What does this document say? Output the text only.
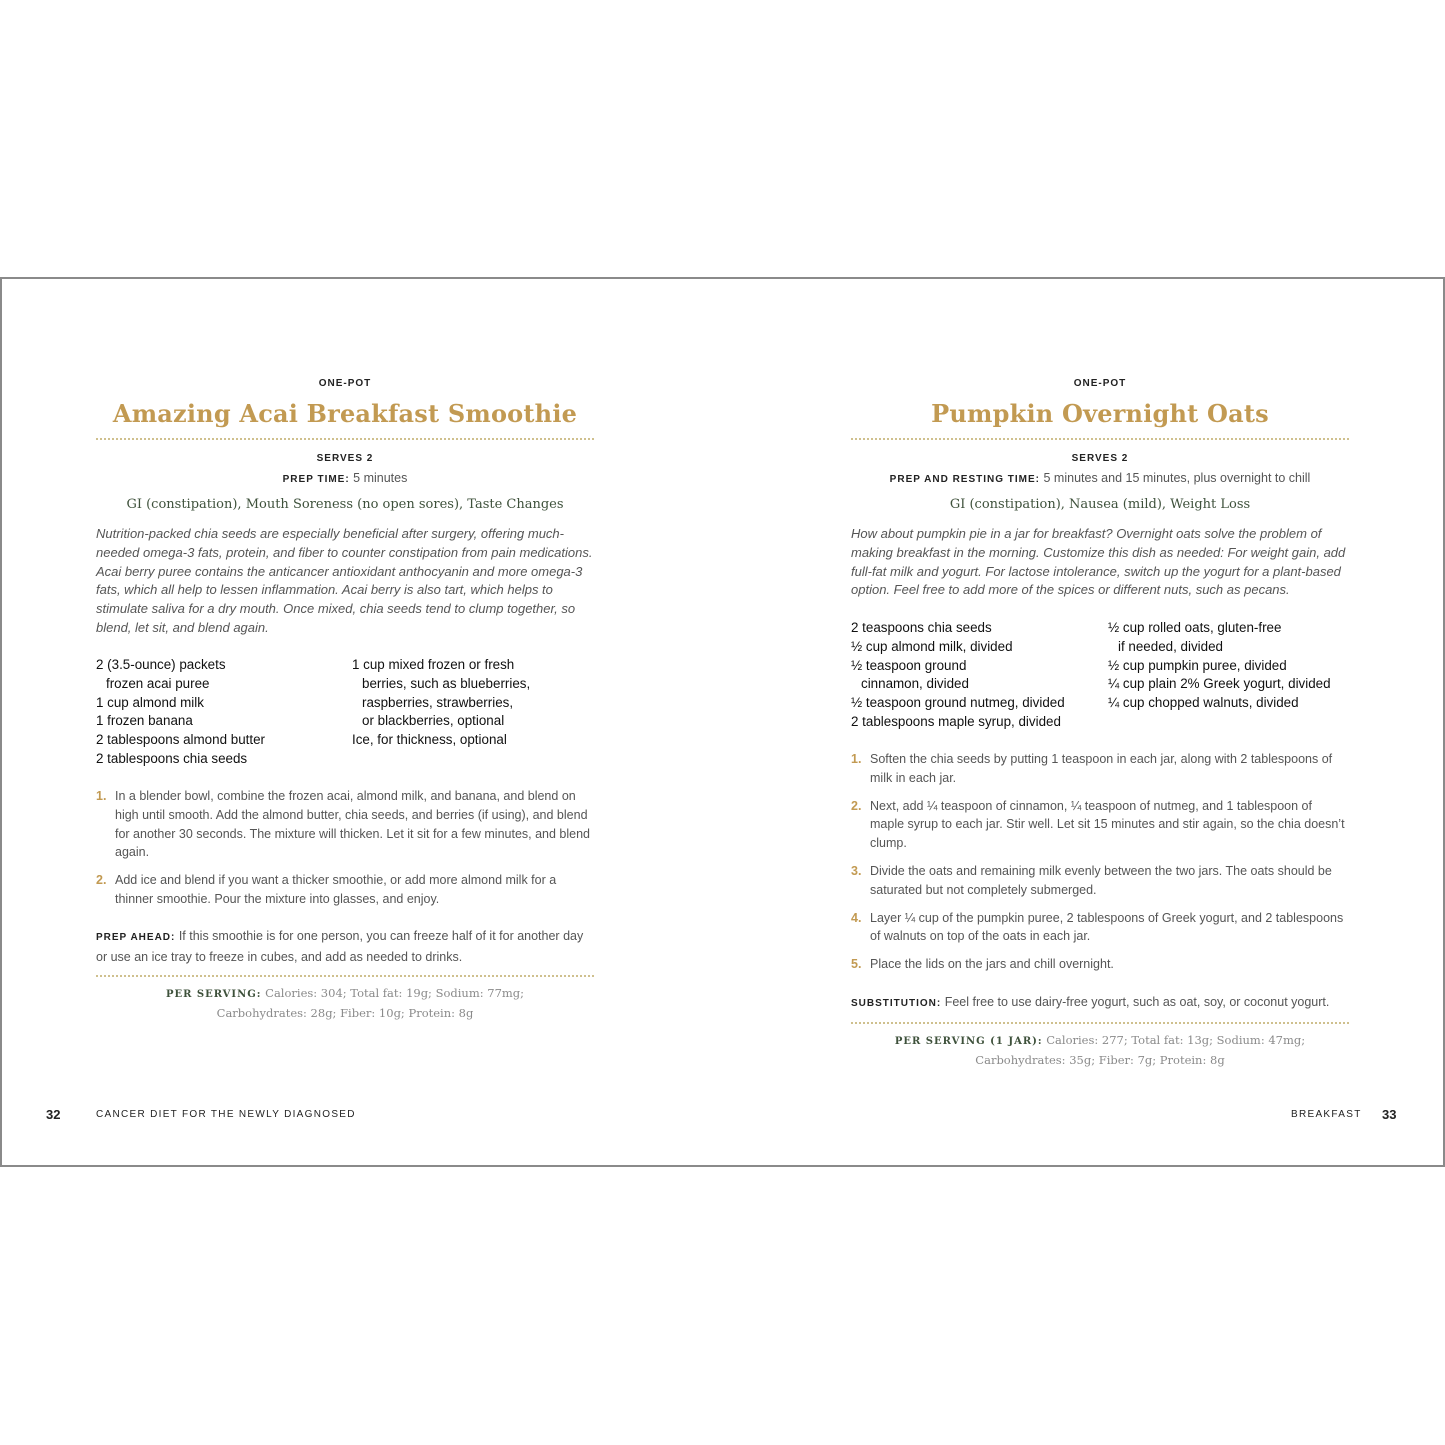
ONE-POT
Amazing Acai Breakfast Smoothie
SERVES 2
PREP TIME: 5 minutes
GI (constipation), Mouth Soreness (no open sores), Taste Changes
Nutrition-packed chia seeds are especially beneficial after surgery, offering much-needed omega-3 fats, protein, and fiber to counter constipation from pain medications. Acai berry puree contains the anticancer antioxidant anthocyanin and more omega-3 fats, which all help to lessen inflammation. Acai berry is also tart, which helps to stimulate saliva for a dry mouth. Once mixed, chia seeds tend to clump together, so blend, let sit, and blend again.
2 (3.5-ounce) packets
frozen acai puree
1 cup almond milk
1 frozen banana
2 tablespoons almond butter
2 tablespoons chia seeds
1 cup mixed frozen or fresh
berries, such as blueberries,
raspberries, strawberries,
or blackberries, optional
Ice, for thickness, optional
1. In a blender bowl, combine the frozen acai, almond milk, and banana, and blend on high until smooth. Add the almond butter, chia seeds, and berries (if using), and blend for another 30 seconds. The mixture will thicken. Let it sit for a few minutes, and blend again.
2. Add ice and blend if you want a thicker smoothie, or add more almond milk for a thinner smoothie. Pour the mixture into glasses, and enjoy.
PREP AHEAD: If this smoothie is for one person, you can freeze half of it for another day or use an ice tray to freeze in cubes, and add as needed to drinks.
PER SERVING: Calories: 304; Total fat: 19g; Sodium: 77mg;
Carbohydrates: 28g; Fiber: 10g; Protein: 8g
32	CANCER DIET FOR THE NEWLY DIAGNOSED
ONE-POT
Pumpkin Overnight Oats
SERVES 2
PREP AND RESTING TIME: 5 minutes and 15 minutes, plus overnight to chill
GI (constipation), Nausea (mild), Weight Loss
How about pumpkin pie in a jar for breakfast? Overnight oats solve the problem of making breakfast in the morning. Customize this dish as needed: For weight gain, add full-fat milk and yogurt. For lactose intolerance, switch up the yogurt for a plant-based option. Feel free to add more of the spices or different nuts, such as pecans.
2 teaspoons chia seeds
½ cup almond milk, divided
½ teaspoon ground
cinnamon, divided
½ teaspoon ground nutmeg, divided
2 tablespoons maple syrup, divided
½ cup rolled oats, gluten-free
if needed, divided
½ cup pumpkin puree, divided
¼ cup plain 2% Greek yogurt, divided
¼ cup chopped walnuts, divided
1. Soften the chia seeds by putting 1 teaspoon in each jar, along with 2 tablespoons of milk in each jar.
2. Next, add ¼ teaspoon of cinnamon, ¼ teaspoon of nutmeg, and 1 tablespoon of maple syrup to each jar. Stir well. Let sit 15 minutes and stir again, so the chia doesn’t clump.
3. Divide the oats and remaining milk evenly between the two jars. The oats should be saturated but not completely submerged.
4. Layer ¼ cup of the pumpkin puree, 2 tablespoons of Greek yogurt, and 2 tablespoons of walnuts on top of the oats in each jar.
5. Place the lids on the jars and chill overnight.
SUBSTITUTION: Feel free to use dairy-free yogurt, such as oat, soy, or coconut yogurt.
PER SERVING (1 JAR): Calories: 277; Total fat: 13g; Sodium: 47mg;
Carbohydrates: 35g; Fiber: 7g; Protein: 8g
BREAKFAST 33
